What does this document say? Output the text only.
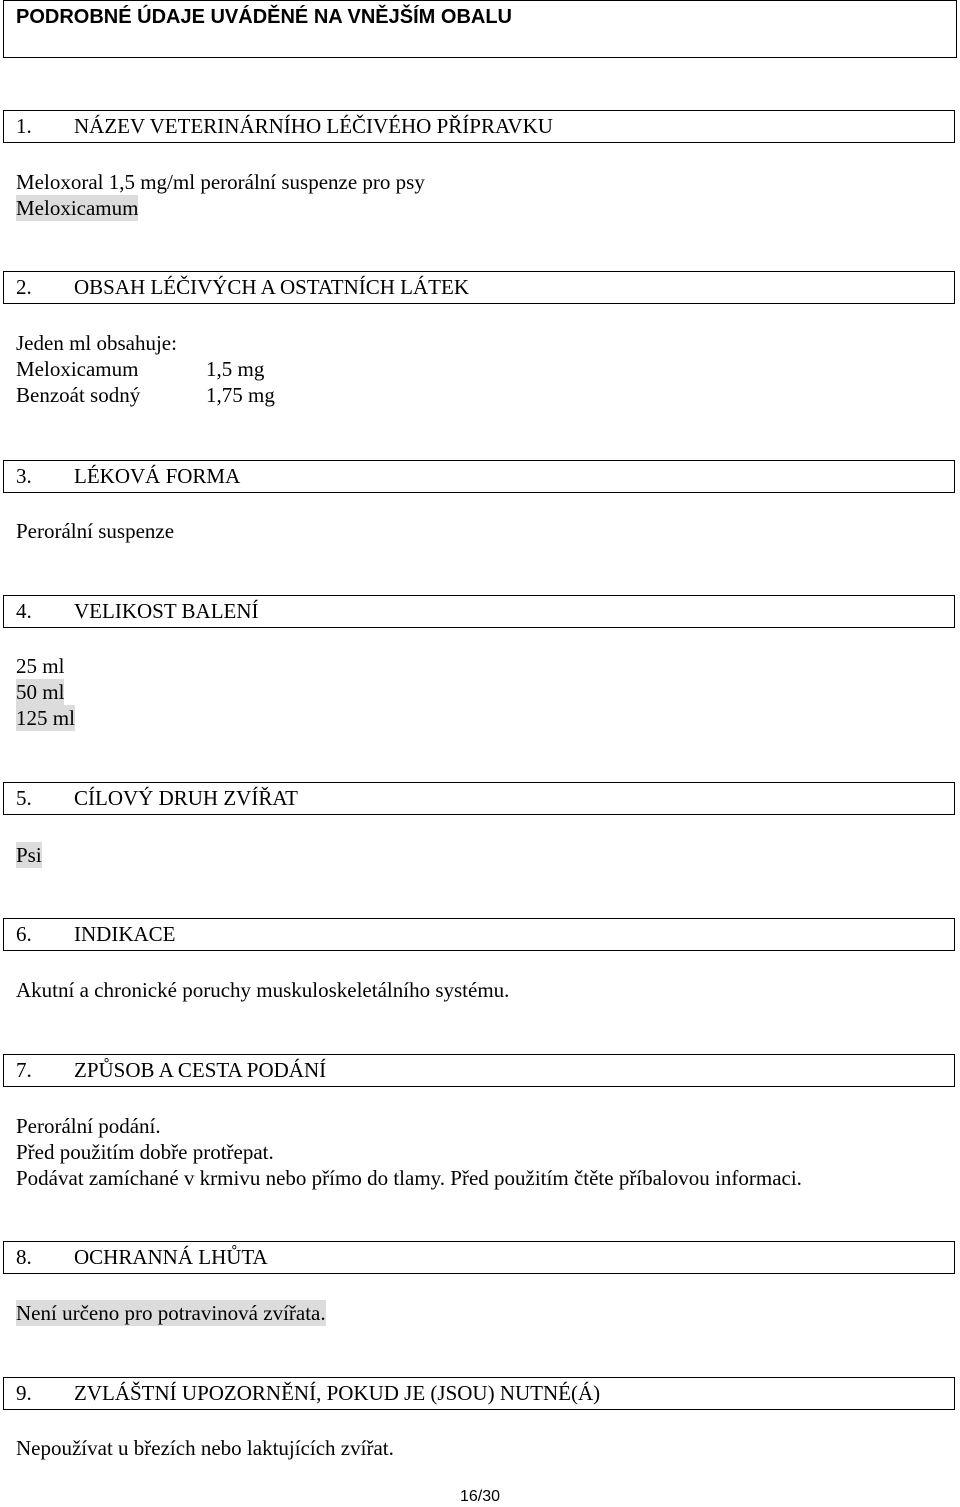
PODROBNÉ ÚDAJE UVÁDĚNÉ NA VNĚJŠÍM OBALU
1. NÁZEV VETERINÁRNÍHO LÉČIVÉHO PŘÍPRAVKU
Meloxoral 1,5 mg/ml perorální suspenze pro psy
Meloxicamum
2. OBSAH LÉČIVÝCH A OSTATNÍCH LÁTEK
Jeden ml obsahuje:
Meloxicamum	1,5 mg
Benzoát sodný	1,75 mg
3. LÉKOVÁ FORMA
Perorální suspenze
4. VELIKOST BALENÍ
25 ml
50 ml
125 ml
5. CÍLOVÝ DRUH ZVÍŘAT
Psi
6. INDIKACE
Akutní a chronické poruchy muskuloskeletálního systému.
7. ZPŮSOB A CESTA PODÁNÍ
Perorální podání.
Před použitím dobře protřepat.
Podávat zamíchané v krmivu nebo přímo do tlamy. Před použitím čtěte příbalovou informaci.
8. OCHRANNÁ LHŮTA
Není určeno pro potravinová zvířata.
9. ZVLÁŠTNÍ UPOZORNĚNÍ, POKUD JE (JSOU) NUTNÉ(Á)
Nepoužívat u březích nebo laktujících zvířat.
16/30
